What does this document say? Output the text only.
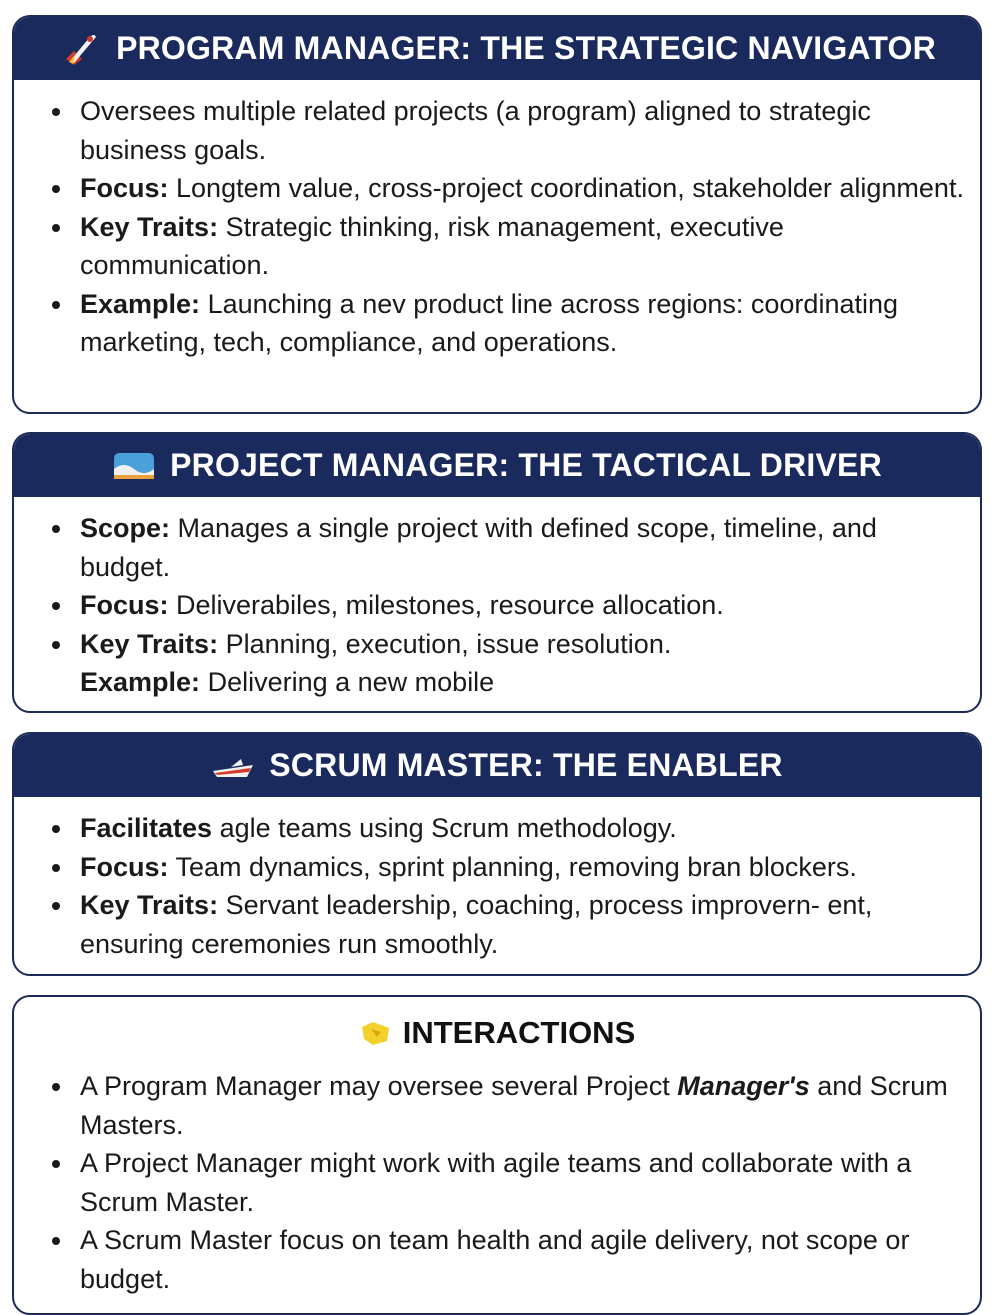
PROGRAM MANAGER: THE STRATEGIC NAVIGATOR
Oversees multiple related projects (a program) aligned to strategic business goals.
Focus: Longtem value, cross-project coordination, stakeholder alignment.
Key Traits: Strategic thinking, risk management, executive communication.
Example: Launching a nev product line across regions: coordinating marketing, tech, compliance, and operations.
PROJECT MANAGER: THE TACTICAL DRIVER
Scope: Manages a single project with defined scope, timeline, and budget.
Focus: Deliverabiles, milestones, resource allocation.
Key Traits: Planning, execution, issue resolution.
Example: Delivering a new mobile
SCRUM MASTER: THE ENABLER
Facilitates agle teams using Scrum methodology.
Focus: Team dynamics, sprint planning, removing bran blockers.
Key Traits: Servant leadership, coaching, process improvern- ent, ensuring ceremonies run smoothly.
INTERACTIONS
A Program Manager may oversee several Project Manager's and Scrum Masters.
A Project Manager might work with agile teams and collaborate with a Scrum Master.
A Scrum Master focus on team health and agile delivery, not scope or budget.
